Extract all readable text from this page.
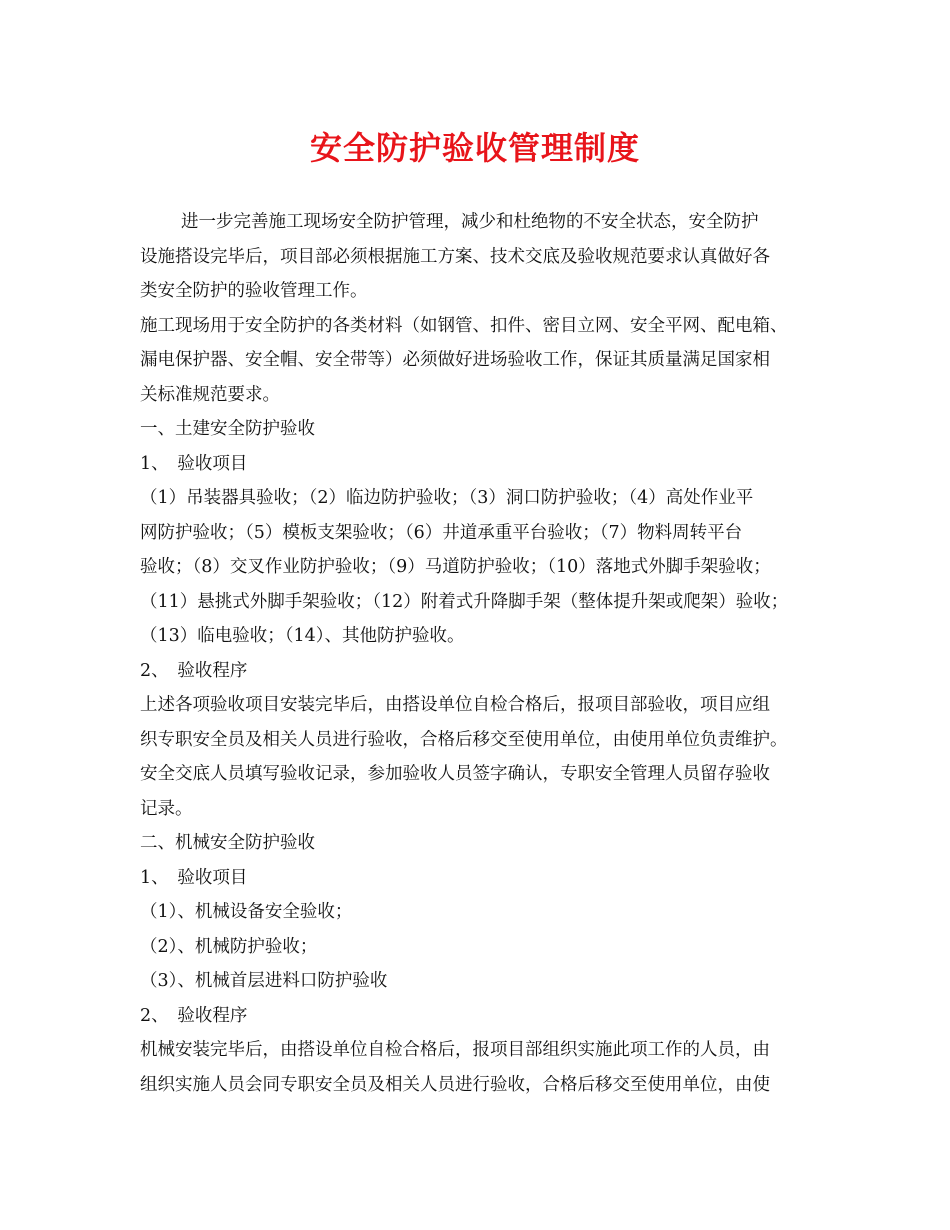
安全防护验收管理制度
进一步完善施工现场安全防护管理，减少和杜绝物的不安全状态，安全防护
设施搭设完毕后，项目部必须根据施工方案、技术交底及验收规范要求认真做好各
类安全防护的验收管理工作。
施工现场用于安全防护的各类材料（如钢管、扣件、密目立网、安全平网、配电箱、
漏电保护器、安全帽、安全带等）必须做好进场验收工作，保证其质量满足国家相
关标准规范要求。
一、土建安全防护验收
1、　验收项目
（1）吊装器具验收；（2）临边防护验收；（3）洞口防护验收；（4）高处作业平
网防护验收；（5）模板支架验收；（6）井道承重平台验收；（7）物料周转平台
验收；（8）交叉作业防护验收；（9）马道防护验收；（10）落地式外脚手架验收；
（11）悬挑式外脚手架验收；（12）附着式升降脚手架（整体提升架或爬架）验收；
（13）临电验收；（14）、其他防护验收。
2、　验收程序
上述各项验收项目安装完毕后，由搭设单位自检合格后，报项目部验收，项目应组
织专职安全员及相关人员进行验收，合格后移交至使用单位，由使用单位负责维护。
安全交底人员填写验收记录，参加验收人员签字确认，专职安全管理人员留存验收
记录。
二、机械安全防护验收
1、　验收项目
（1）、机械设备安全验收；
（2）、机械防护验收；
（3）、机械首层进料口防护验收
2、　验收程序
机械安装完毕后，由搭设单位自检合格后，报项目部组织实施此项工作的人员，由
组织实施人员会同专职安全员及相关人员进行验收，合格后移交至使用单位，由使
